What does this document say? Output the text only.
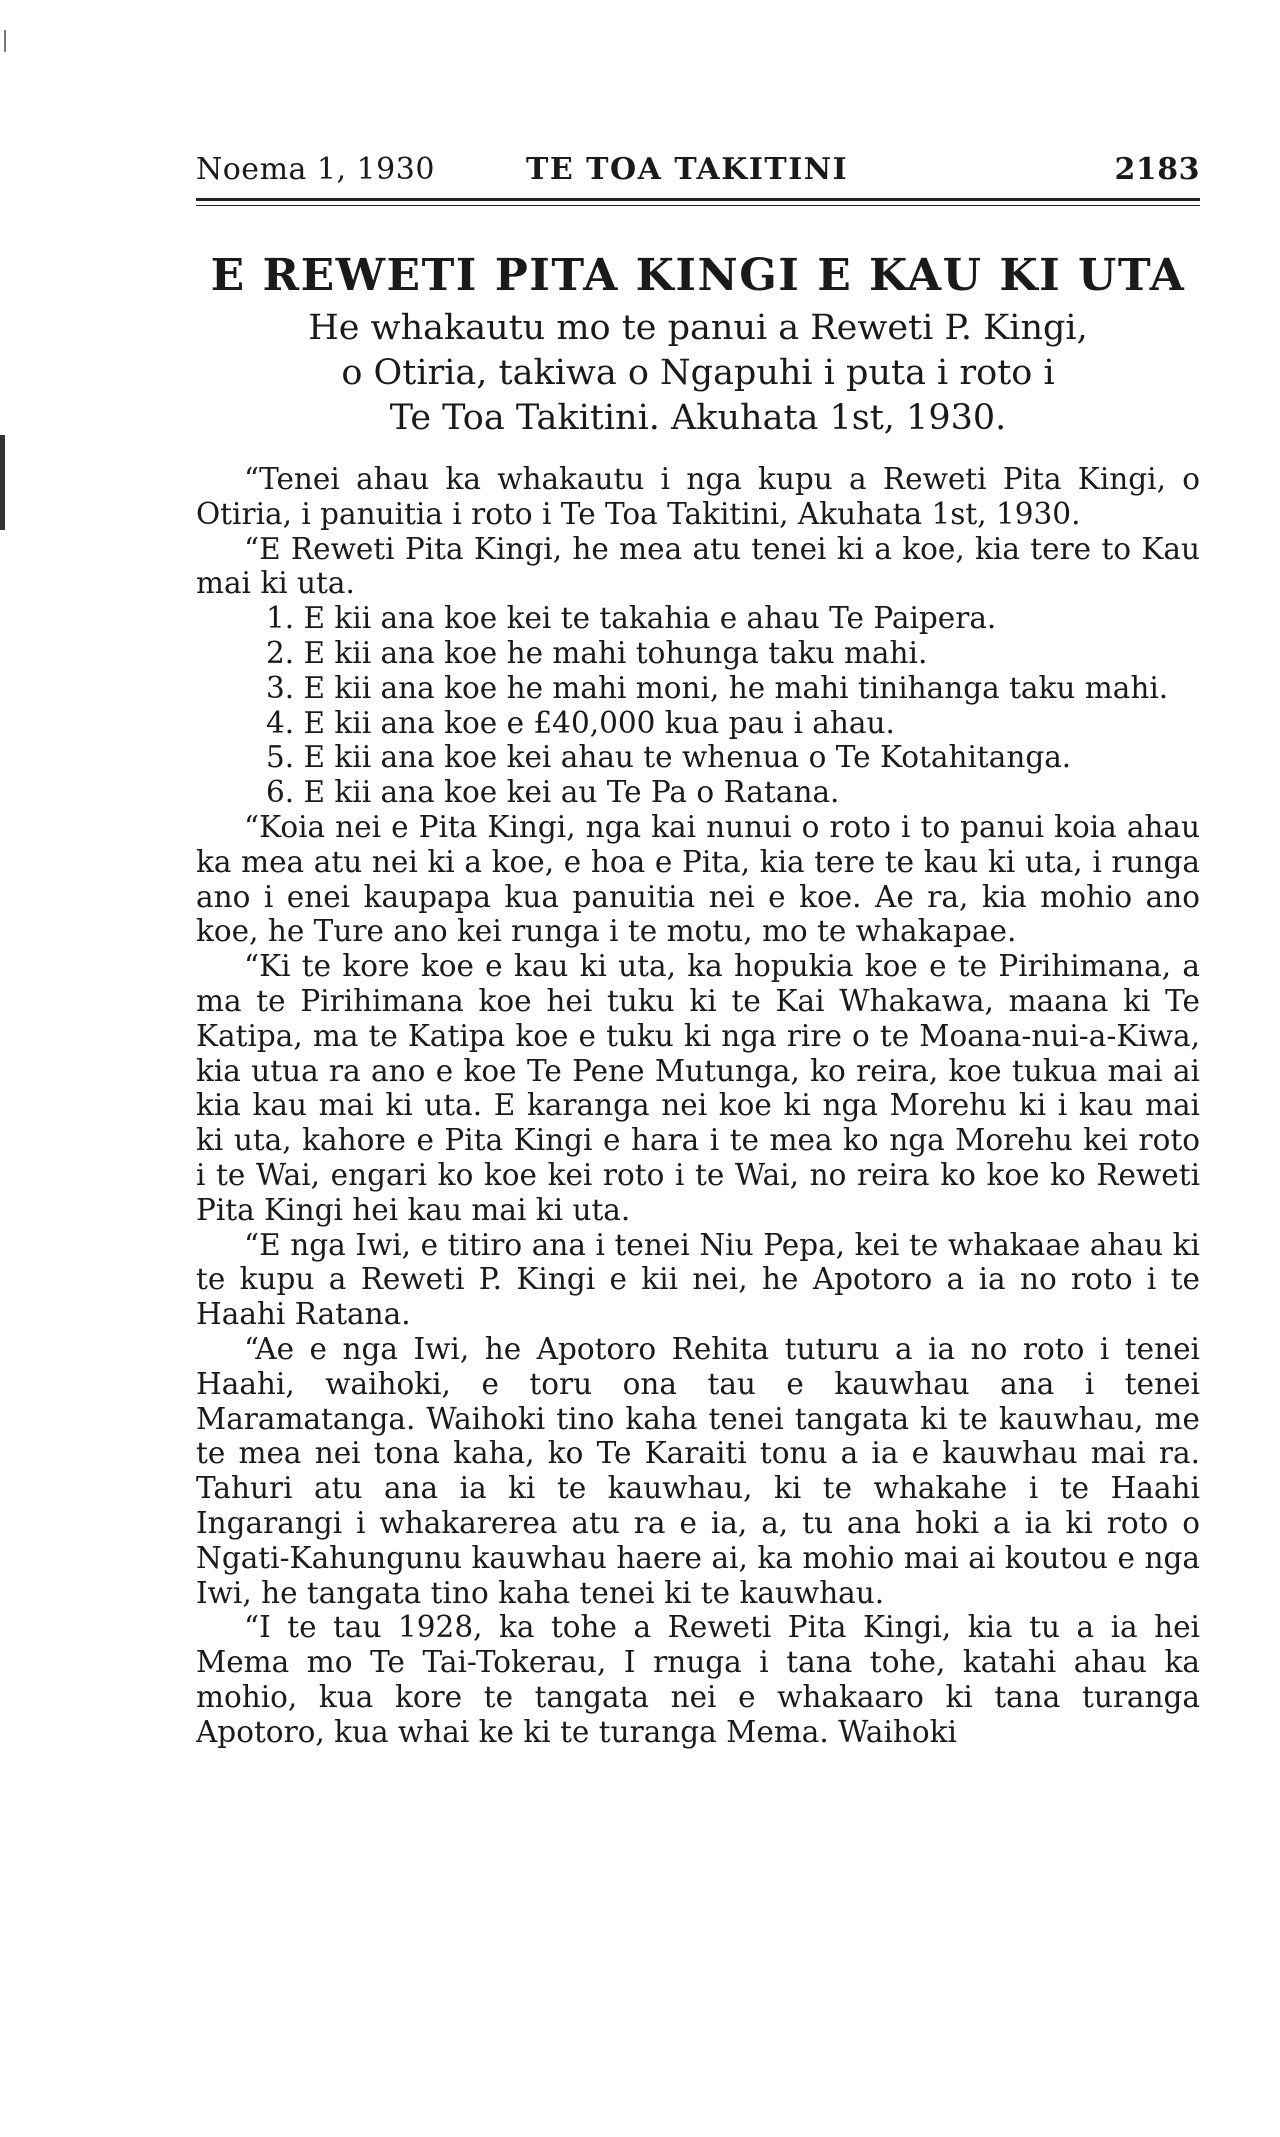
Noema 1, 1930	TE TOA TAKITINI	2183
E REWETI PITA KINGI E KAU KI UTA
He whakautu mo te panui a Reweti P. Kingi,
o Otiria, takiwa o Ngapuhi i puta i roto i
Te Toa Takitini. Akuhata 1st, 1930.

“Tenei ahau ka whakautu i nga kupu a Reweti Pita Kingi, o Otiria, i panuitia i roto i Te Toa Takitini, Akuhata 1st, 1930.

“E Reweti Pita Kingi, he mea atu tenei ki a koe, kia tere to Kau mai ki uta.

1. E kii ana koe kei te takahia e ahau Te Paipera.

2. E kii ana koe he mahi tohunga taku mahi.

3. E kii ana koe he mahi moni, he mahi tinihanga taku mahi.

4. E kii ana koe e £40,000 kua pau i ahau.

5. E kii ana koe kei ahau te whenua o Te Kotahitanga.

6. E kii ana koe kei au Te Pa o Ratana.

“Koia nei e Pita Kingi, nga kai nunui o roto i to panui koia ahau ka mea atu nei ki a koe, e hoa e Pita, kia tere te kau ki uta, i runga ano i enei kaupapa kua panuitia nei e koe. Ae ra, kia mohio ano koe, he Ture ano kei runga i te motu, mo te whakapae.

“Ki te kore koe e kau ki uta, ka hopukia koe e te Pirihimana, a ma te Pirihimana koe hei tuku ki te Kai Whakawa, maana ki Te Katipa, ma te Katipa koe e tuku ki nga rire o te Moana-nui-a-Kiwa, kia utua ra ano e koe Te Pene Mutunga, ko reira, koe tukua mai ai kia kau mai ki uta. E karanga nei koe ki nga Morehu ki i kau mai ki uta, kahore e Pita Kingi e hara i te mea ko nga Morehu kei roto i te Wai, engari ko koe kei roto i te Wai, no reira ko koe ko Reweti Pita Kingi hei kau mai ki uta.

“E nga Iwi, e titiro ana i tenei Niu Pepa, kei te whakaae ahau ki te kupu a Reweti P. Kingi e kii nei, he Apotoro a ia no roto i te Haahi Ratana.

“Ae e nga Iwi, he Apotoro Rehita tuturu a ia no roto i tenei Haahi, waihoki, e toru ona tau e kauwhau ana i tenei Maramatanga. Waihoki tino kaha tenei tangata ki te kauwhau, me te mea nei tona kaha, ko Te Karaiti tonu a ia e kauwhau mai ra. Tahuri atu ana ia ki te kauwhau, ki te whakahe i te Haahi Ingarangi i whakarerea atu ra e ia, a, tu ana hoki a ia ki roto o Ngati-Kahungunu kauwhau haere ai, ka mohio mai ai koutou e nga Iwi, he tangata tino kaha tenei ki te kauwhau.

“I te tau 1928, ka tohe a Reweti Pita Kingi, kia tu a ia hei Mema mo Te Tai-Tokerau, I rnuga i tana tohe, katahi ahau ka mohio, kua kore te tangata nei e whakaaro ki tana turanga Apotoro, kua whai ke ki te turanga Mema. Waihoki
